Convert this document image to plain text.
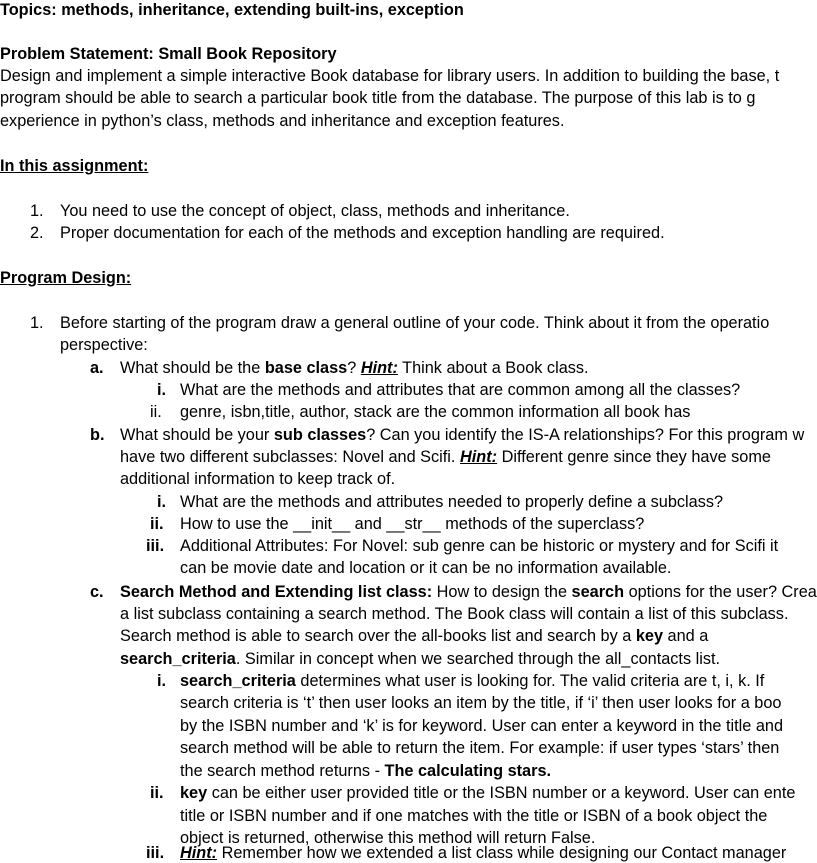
Topics: methods, inheritance, extending built-ins, exception
Problem Statement: Small Book Repository
Design and implement a simple interactive Book database for library users. In addition to building the base, t
program should be able to search a particular book title from the database. The purpose of this lab is to g
experience in python’s class, methods and inheritance and exception features.
In this assignment:
1. You need to use the concept of object, class, methods and inheritance.
2. Proper documentation for each of the methods and exception handling are required.
Program Design:
1. Before starting of the program draw a general outline of your code. Think about it from the operatio
perspective:
a. What should be the base class? Hint: Think about a Book class.
i. What are the methods and attributes that are common among all the classes?
ii. genre, isbn,title, author, stack are the common information all book has
b. What should be your sub classes? Can you identify the IS-A relationships? For this program w
have two different subclasses: Novel and Scifi. Hint: Different genre since they have some
additional information to keep track of.
i. What are the methods and attributes needed to properly define a subclass?
ii. How to use the __init__ and __str__ methods of the superclass?
iii. Additional Attributes: For Novel: sub genre can be historic or mystery and for Scifi it
can be movie date and location or it can be no information available.
c. Search Method and Extending list class: How to design the search options for the user? Crea
a list subclass containing a search method. The Book class will contain a list of this subclass.
Search method is able to search over the all-books list and search by a key and a
search_criteria. Similar in concept when we searched through the all_contacts list.
i. search_criteria determines what user is looking for. The valid criteria are t, i, k. If
search criteria is ‘t’ then user looks an item by the title, if ‘i’ then user looks for a boo
by the ISBN number and ‘k’ is for keyword. User can enter a keyword in the title and
search method will be able to return the item. For example: if user types ‘stars’ then
the search method returns - The calculating stars.
ii. key can be either user provided title or the ISBN number or a keyword. User can ente
title or ISBN number and if one matches with the title or ISBN of a book object the
object is returned, otherwise this method will return False.
iii. Hint: Remember how we extended a list class while designing our Contact manager
